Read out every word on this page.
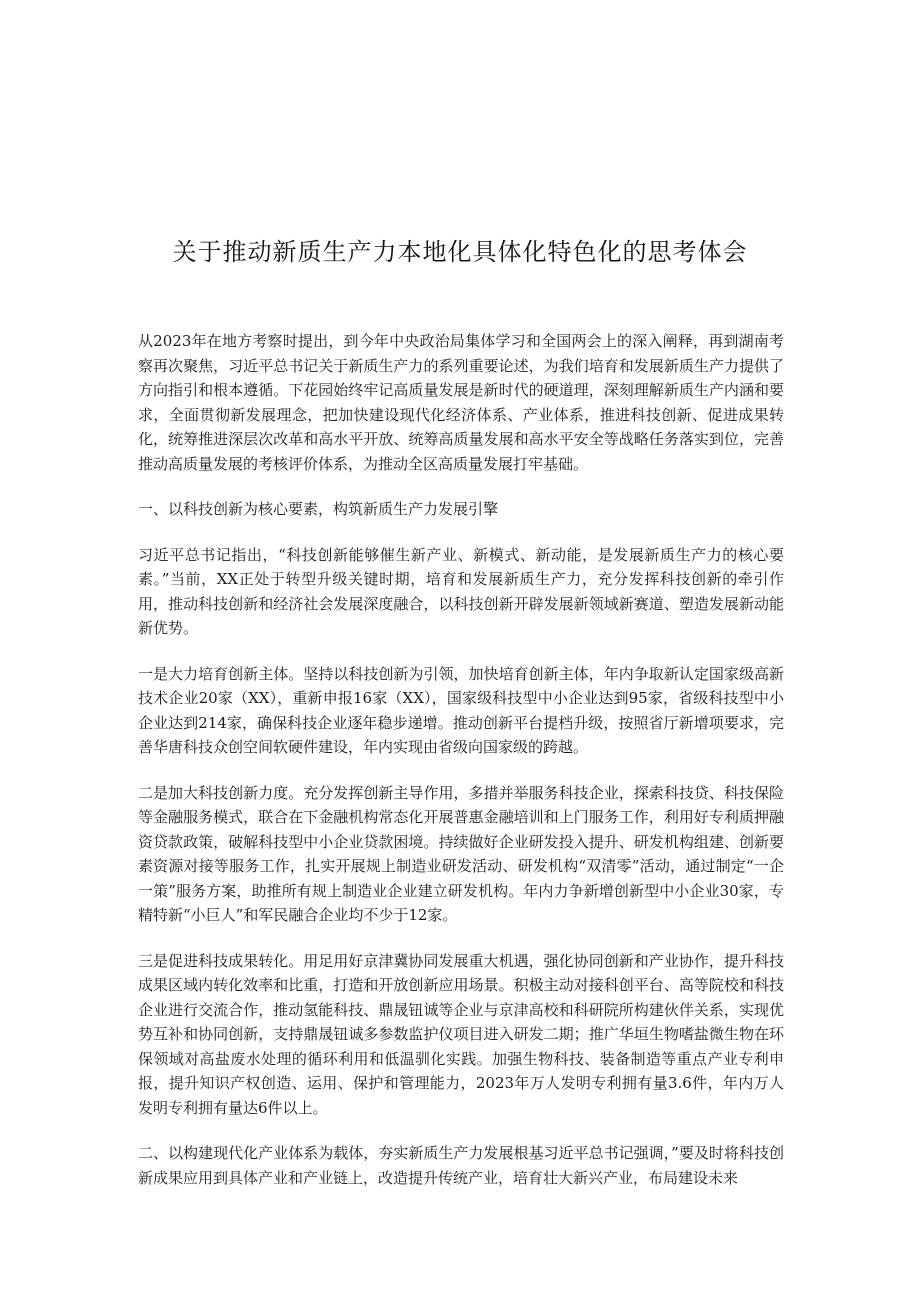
关于推动新质生产力本地化具体化特色化的思考体会

从2023年在地方考察时提出，到今年中央政治局集体学习和全国两会上的深入阐释，再到湖南考察再次聚焦，习近平总书记关于新质生产力的系列重要论述，为我们培育和发展新质生产力提供了方向指引和根本遵循。下花园始终牢记高质量发展是新时代的硬道理，深刻理解新质生产内涵和要求，全面贯彻新发展理念，把加快建设现代化经济体系、产业体系，推进科技创新、促进成果转化，统筹推进深层次改革和高水平开放、统筹高质量发展和高水平安全等战略任务落实到位，完善推动高质量发展的考核评价体系，为推动全区高质量发展打牢基础。

一、以科技创新为核心要素，构筑新质生产力发展引擎

习近平总书记指出，“科技创新能够催生新产业、新模式、新动能，是发展新质生产力的核心要素。”当前，XX正处于转型升级关键时期，培育和发展新质生产力，充分发挥科技创新的牵引作用，推动科技创新和经济社会发展深度融合，以科技创新开辟发展新领域新赛道、塑造发展新动能新优势。

一是大力培育创新主体。坚持以科技创新为引领，加快培育创新主体，年内争取新认定国家级高新技术企业20家（XX），重新申报16家（XX），国家级科技型中小企业达到95家，省级科技型中小企业达到214家，确保科技企业逐年稳步递增。推动创新平台提档升级，按照省厅新增项要求，完善华唐科技众创空间软硬件建设，年内实现由省级向国家级的跨越。

二是加大科技创新力度。充分发挥创新主导作用，多措并举服务科技企业，探索科技贷、科技保险等金融服务模式，联合在下金融机构常态化开展普惠金融培训和上门服务工作，利用好专利质押融资贷款政策，破解科技型中小企业贷款困境。持续做好企业研发投入提升、研发机构组建、创新要素资源对接等服务工作，扎实开展规上制造业研发活动、研发机构“双清零”活动，通过制定“一企一策”服务方案，助推所有规上制造业企业建立研发机构。年内力争新增创新型中小企业30家，专精特新“小巨人”和军民融合企业均不少于12家。

三是促进科技成果转化。用足用好京津冀协同发展重大机遇，强化协同创新和产业协作，提升科技成果区域内转化效率和比重，打造和开放创新应用场景。积极主动对接科创平台、高等院校和科技企业进行交流合作，推动氢能科技、鼎晟钮诚等企业与京津高校和科研院所构建伙伴关系，实现优势互补和协同创新，支持鼎晟钮诚多参数监护仪项目进入研发二期；推广华垣生物嗜盐微生物在环保领域对高盐废水处理的循环利用和低温驯化实践。加强生物科技、装备制造等重点产业专利申报，提升知识产权创造、运用、保护和管理能力，2023年万人发明专利拥有量3.6件，年内万人发明专利拥有量达6件以上。

二、以构建现代化产业体系为载体，夯实新质生产力发展根基习近平总书记强调，”要及时将科技创新成果应用到具体产业和产业链上，改造提升传统产业，培育壮大新兴产业，布局建设未来
